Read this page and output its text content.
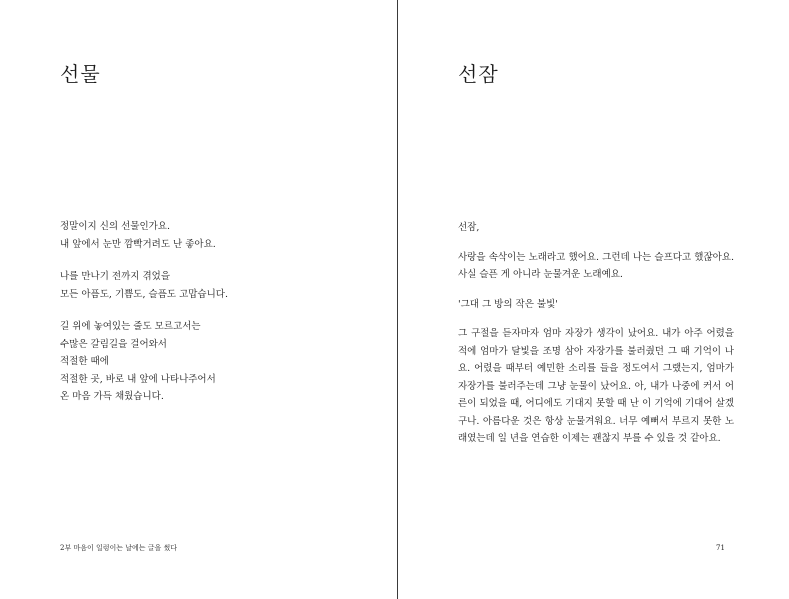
선물
정말이지 신의 선물인가요.
내 앞에서 눈만 깜빡거려도 난 좋아요.
나를 만나기 전까지 겪었을
모든 아픔도, 기쁨도, 슬픔도 고맙습니다.
길 위에 놓여있는 줄도 모르고서는
수많은 갈림길을 걸어와서
적절한 때에
적절한 곳, 바로 내 앞에 나타나주어서
온 마음 가득 채웠습니다.
2부 마음이 일렁이는 날에는 글을 썼다
선잠

선잠,

사랑을 속삭이는 노래라고 했어요. 그런데 나는 슬프다고 했잖아요. 사실 슬픈 게 아니라 눈물겨운 노래예요.

'그대 그 방의 작은 불빛'

그 구절을 듣자마자 엄마 자장가 생각이 났어요. 내가 아주 어렸을 적에 엄마가 달빛을 조명 삼아 자장가를 불러줬던 그 때 기억이 나요. 어렸을 때부터 예민한 소리를 들을 정도여서 그랬는지, 엄마가 자장가를 불러주는데 그냥 눈물이 났어요. 아, 내가 나중에 커서 어른이 되었을 때, 어디에도 기대지 못할 때 난 이 기억에 기대어 살겠구나. 아름다운 것은 항상 눈물겨워요. 너무 예뻐서 부르지 못한 노래였는데 일 년을 연습한 이제는 괜찮지 부를 수 있을 것 같아요.

71
